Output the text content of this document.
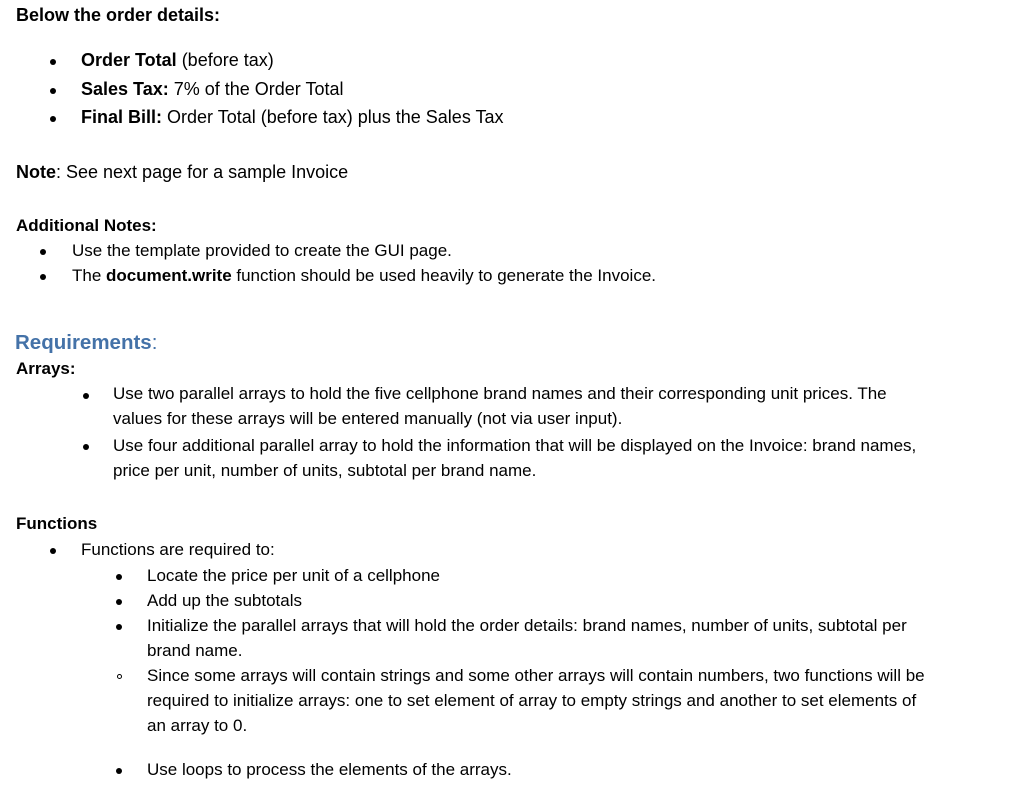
Below the order details:
Order Total (before tax)
Sales Tax: 7% of the Order Total
Final Bill: Order Total (before tax) plus the Sales Tax
Note: See next page for a sample Invoice
Additional Notes:
Use the template provided to create the GUI page.
The document.write function should be used heavily to generate the Invoice.
Requirements:
Arrays:
Use two parallel arrays to hold the five cellphone brand names and their corresponding unit prices. The
values for these arrays will be entered manually (not via user input).
Use four additional parallel array to hold the information that will be displayed on the Invoice: brand names,
price per unit, number of units, subtotal per brand name.
Functions
Functions are required to:
Locate the price per unit of a cellphone
Add up the subtotals
Initialize the parallel arrays that will hold the order details: brand names, number of units, subtotal per
brand name.
Since some arrays will contain strings and some other arrays will contain numbers, two functions will be
required to initialize arrays: one to set element of array to empty strings and another to set elements of
an array to 0.
Use loops to process the elements of the arrays.
